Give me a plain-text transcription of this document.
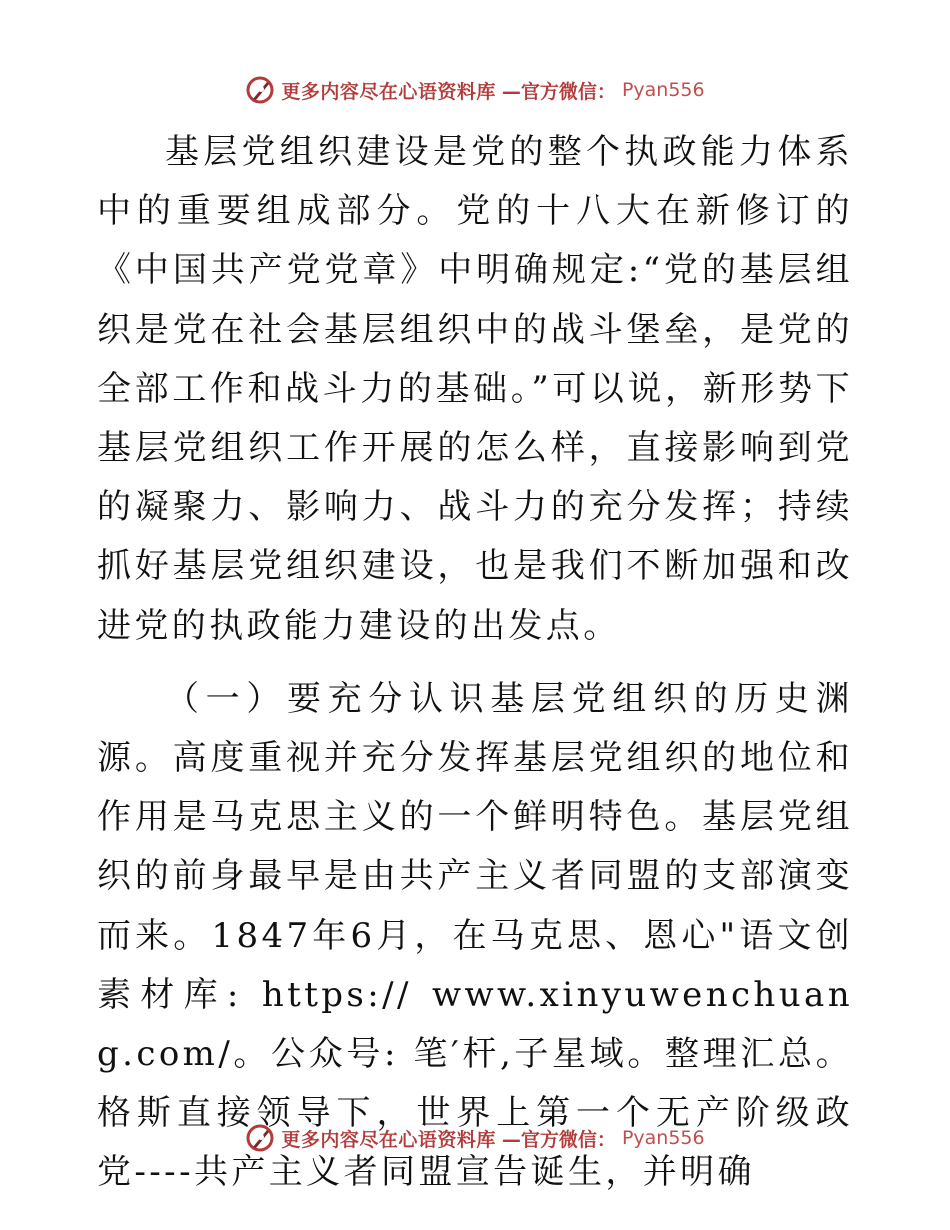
更多内容尽在心语资料库 —官方微信： Pyan556

基层党组织建设是党的整个执政能力体系中的重要组成部分。党的十八大在新修订的《中国共产党党章》中明确规定:“党的基层组织是党在社会基层组织中的战斗堡垒，是党的全部工作和战斗力的基础。”可以说，新形势下基层党组织工作开展的怎么样，直接影响到党的凝聚力、影响力、战斗力的充分发挥；持续抓好基层党组织建设，也是我们不断加强和改进党的执政能力建设的出发点。

（一）要充分认识基层党组织的历史渊源。高度重视并充分发挥基层党组织的地位和作用是马克思主义的一个鲜明特色。基层党组织的前身最早是由共产主义者同盟的支部演变而来。1847年6月，在马克思、恩心"语文创素材库: https:// www.xinyuwenchuang.com/。公众号: 笔′杆,子星域。整理汇总。格斯直接领导下，世界上第一个无产阶级政党----共产主义者同盟宣告诞生，并明确

更多内容尽在心语资料库 —官方微信： Pyan556
